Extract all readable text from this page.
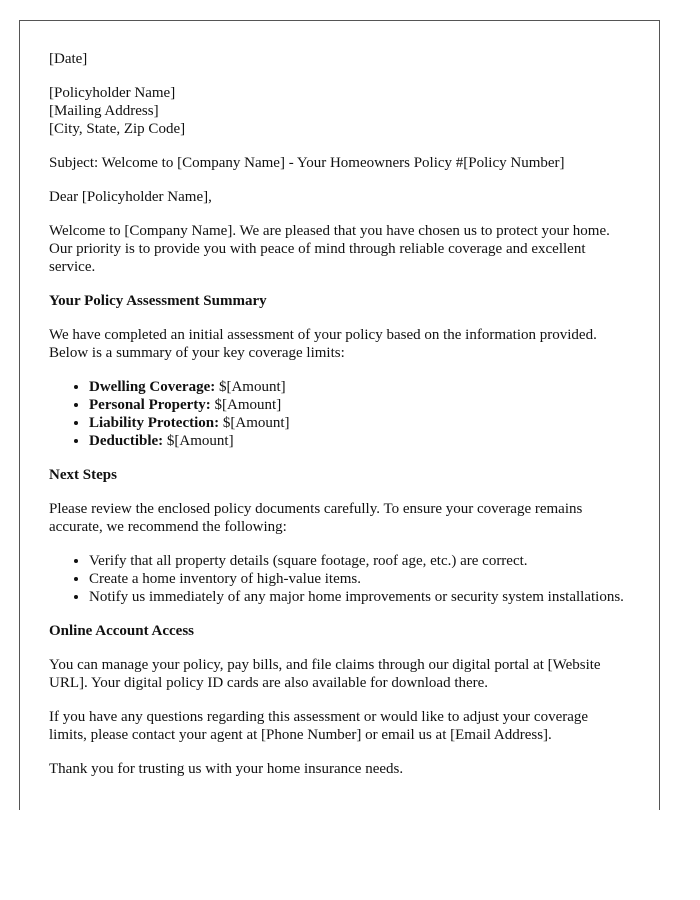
[Date]

[Policyholder Name]
[Mailing Address]
[City, State, Zip Code]

Subject: Welcome to [Company Name] - Your Homeowners Policy #[Policy Number]

Dear [Policyholder Name],

Welcome to [Company Name]. We are pleased that you have chosen us to protect your home. Our priority is to provide you with peace of mind through reliable coverage and excellent service.

Your Policy Assessment Summary

We have completed an initial assessment of your policy based on the information provided. Below is a summary of your key coverage limits:

• Dwelling Coverage: $[Amount]
• Personal Property: $[Amount]
• Liability Protection: $[Amount]
• Deductible: $[Amount]
Next Steps

Please review the enclosed policy documents carefully. To ensure your coverage remains accurate, we recommend the following:

• Verify that all property details (square footage, roof age, etc.) are correct.
• Create a home inventory of high-value items.
• Notify us immediately of any major home improvements or security system installations.
Online Account Access

You can manage your policy, pay bills, and file claims through our digital portal at [Website URL]. Your digital policy ID cards are also available for download there.

If you have any questions regarding this assessment or would like to adjust your coverage limits, please contact your agent at [Phone Number] or email us at [Email Address].

Thank you for trusting us with your home insurance needs.
